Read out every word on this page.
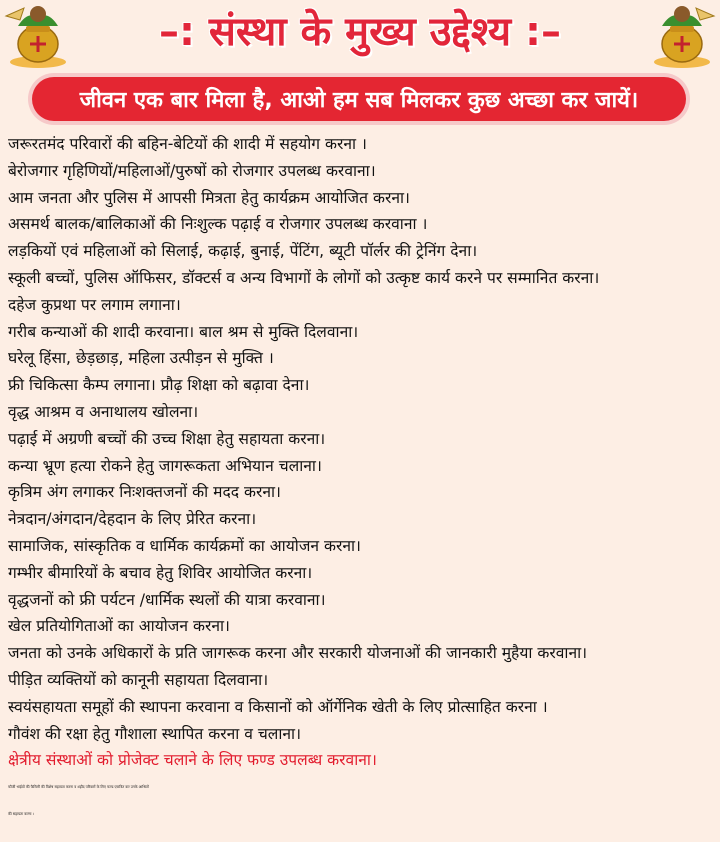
–: संस्था के मुख्य उद्देश्य :–
जीवन एक बार मिला है, आओ हम सब मिलकर कुछ अच्छा कर जायें।
जरूरतमंद परिवारों की बहिन-बेटियों की शादी में सहयोग करना ।
बेरोजगार गृहिणियों/महिलाओं/पुरुषों को रोजगार उपलब्ध करवाना।
आम जनता और पुलिस में आपसी मित्रता हेतु कार्यक्रम आयोजित करना।
असमर्थ बालक/बालिकाओं की निःशुल्क पढ़ाई व रोजगार उपलब्ध करवाना ।
लड़कियों एवं महिलाओं को सिलाई, कढ़ाई, बुनाई, पेंटिंग, ब्यूटी पॉर्लर की ट्रेनिंग देना।
स्कूली बच्चों, पुलिस ऑफिसर, डॉक्टर्स व अन्य विभागों के लोगों को उत्कृष्ट कार्य करने पर सम्मानित करना।
दहेज कुप्रथा पर लगाम लगाना।
गरीब कन्याओं की शादी करवाना। बाल श्रम से मुक्ति दिलवाना।
घरेलू हिंसा, छेड़छाड़, महिला उत्पीड़न से मुक्ति ।
फ्री चिकित्सा कैम्प लगाना। प्रौढ़ शिक्षा को बढ़ावा देना।
वृद्ध आश्रम व अनाथालय खोलना।
पढ़ाई में अग्रणी बच्चों की उच्च शिक्षा हेतु सहायता करना।
कन्या भ्रूण हत्या रोकने हेतु जागरूकता अभियान चलाना।
कृत्रिम अंग लगाकर निःशक्तजनों की मदद करना।
नेत्रदान/अंगदान/देहदान के लिए प्रेरित करना।
सामाजिक, सांस्कृतिक व धार्मिक कार्यक्रमों का आयोजन करना।
गम्भीर बीमारियों के बचाव हेतु शिविर आयोजित करना।
वृद्धजनों को फ्री पर्यटन /धार्मिक स्थलों की यात्रा करवाना।
खेल प्रतियोगिताओं का आयोजन करना।
जनता को उनके अधिकारों के प्रति जागरूक करना और सरकारी योजनाओं की जानकारी मुहैया करवाना।
पीड़ित व्यक्तियों को कानूनी सहायता दिलवाना।
स्वयंसहायता समूहों की स्थापना करवाना व किसानों को ऑर्गेनिक खेती के लिए प्रोत्साहित करना ।
गौवंश की रक्षा हेतु गौशाला स्थापित करना व चलाना।
क्षेत्रीय संस्थाओं को प्रोजेक्ट चलाने के लिए फण्ड उपलब्ध करवाना।
फौजी भाईयों की फैमिली की विशेष सहायता करना व शहीद परिवारों के लिए फण्ड एकत्रित कर उनके आश्रितों
की सहायता करना ।
